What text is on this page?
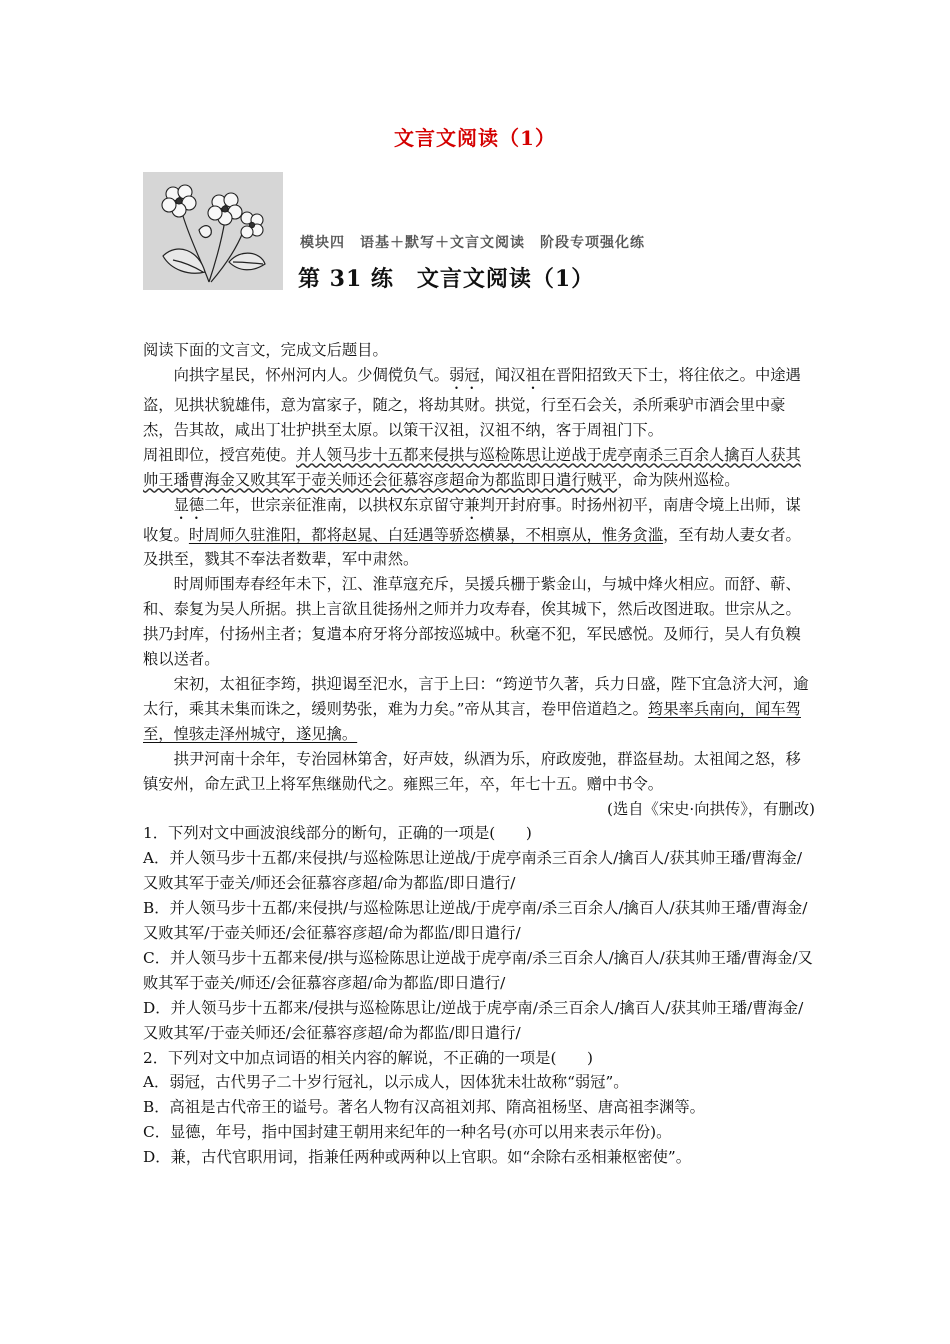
文言文阅读（1）
模块四　语基＋默写＋文言文阅读　阶段专项强化练
第 31 练　文言文阅读（1）

阅读下面的文言文，完成文后题目。

向拱字星民，怀州河内人。少倜傥负气。弱冠，闻汉祖在晋阳招致天下士，将往依之。中途遇盗，见拱状貌雄伟，意为富家子，随之，将劫其财。拱觉，行至石会关，杀所乘驴市酒会里中豪杰，告其故，咸出丁壮护拱至太原。以策干汉祖，汉祖不纳，客于周祖门下。

周祖即位，授宫苑使。并人领马步十五都来侵拱与巡检陈思让逆战于虎亭南杀三百余人擒百人获其帅王璠曹海金又败其军于壶关师还会征慕容彦超命为都监即日遣行贼平，命为陕州巡检。

显德二年，世宗亲征淮南，以拱权东京留守兼判开封府事。时扬州初平，南唐令境上出师，谋收复。时周师久驻淮阳，都将赵晁、白廷遇等骄恣横暴，不相禀从，惟务贪滥，至有劫人妻女者。及拱至，戮其不奉法者数辈，军中肃然。

时周师围寿春经年未下，江、淮草寇充斥，吴援兵栅于紫金山，与城中烽火相应。而舒、蕲、和、泰复为吴人所据。拱上言欲且徙扬州之师并力攻寿春，俟其城下，然后改图进取。世宗从之。拱乃封库，付扬州主者；复遣本府牙将分部按巡城中。秋毫不犯，军民感悦。及师行，吴人有负糗粮以送者。

宋初，太祖征李筠，拱迎谒至汜水，言于上曰：“筠逆节久著，兵力日盛，陛下宜急济大河，逾太行，乘其未集而诛之，缓则势张，难为力矣。”帝从其言，卷甲倍道趋之。筠果率兵南向，闻车驾至，惶骇走泽州城守，遂见擒。

拱尹河南十余年，专治园林第舍，好声妓，纵酒为乐，府政废弛，群盗昼劫。太祖闻之怒，移镇安州，命左武卫上将军焦继勋代之。雍熙三年，卒，年七十五。赠中书令。

(选自《宋史·向拱传》，有删改)

1．下列对文中画波浪线部分的断句，正确的一项是(　　)

A．并人领马步十五都/来侵拱/与巡检陈思让逆战/于虎亭南杀三百余人/擒百人/获其帅王璠/曹海金/又败其军于壶关/师还会征慕容彦超/命为都监/即日遣行/

B．并人领马步十五都/来侵拱/与巡检陈思让逆战/于虎亭南/杀三百余人/擒百人/获其帅王璠/曹海金/又败其军/于壶关师还/会征慕容彦超/命为都监/即日遣行/

C．并人领马步十五都来侵/拱与巡检陈思让逆战于虎亭南/杀三百余人/擒百人/获其帅王璠/曹海金/又败其军于壶关/师还/会征慕容彦超/命为都监/即日遣行/

D．并人领马步十五都来/侵拱与巡检陈思让/逆战于虎亭南/杀三百余人/擒百人/获其帅王璠/曹海金/又败其军/于壶关师还/会征慕容彦超/命为都监/即日遣行/

2．下列对文中加点词语的相关内容的解说，不正确的一项是(　　)

A．弱冠，古代男子二十岁行冠礼，以示成人，因体犹未壮故称“弱冠”。

B．高祖是古代帝王的谥号。著名人物有汉高祖刘邦、隋高祖杨坚、唐高祖李渊等。

C．显德，年号，指中国封建王朝用来纪年的一种名号(亦可以用来表示年份)。

D．兼，古代官职用词，指兼任两种或两种以上官职。如“余除右丞相兼枢密使”。
